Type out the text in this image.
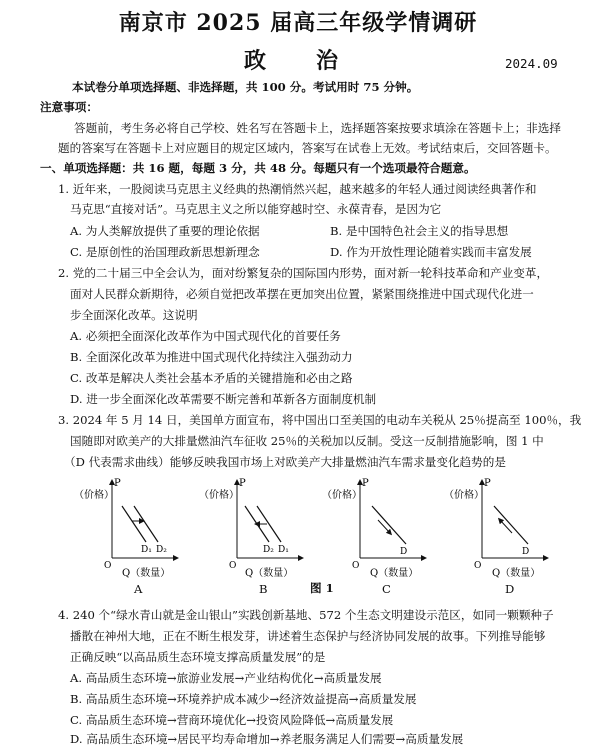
南京市 2025 届高三年级学情调研
政　治	2024.09
本试卷分单项选择题、非选择题，共 100 分。考试用时 75 分钟。
注意事项：
答题前，考生务必将自己学校、姓名写在答题卡上，选择题答案按要求填涂在答题卡上；非选择
题的答案写在答题卡上对应题目的规定区域内，答案写在试卷上无效。考试结束后，交回答题卡。
一、单项选择题：共 16 题，每题 3 分，共 48 分。每题只有一个选项最符合题意。
1. 近年来，一股阅读马克思主义经典的热潮悄然兴起，越来越多的年轻人通过阅读经典著作和
马克思“直接对话”。马克思主义之所以能穿越时空、永葆青春，是因为它
A. 为人类解放提供了重要的理论依据	B. 是中国特色社会主义的指导思想
C. 是原创性的治国理政新思想新理念	D. 作为开放性理论随着实践而丰富发展
2. 党的二十届三中全会认为，面对纷繁复杂的国际国内形势，面对新一轮科技革命和产业变革，
面对人民群众新期待，必须自觉把改革摆在更加突出位置，紧紧围绕推进中国式现代化进一
步全面深化改革。这说明
A. 必须把全面深化改革作为中国式现代化的首要任务
B. 全面深化改革为推进中国式现代化持续注入强劲动力
C. 改革是解决人类社会基本矛盾的关键措施和必由之路
D. 进一步全面深化改革需要不断完善和革新各方面制度机制
3. 2024 年 5 月 14 日，美国单方面宣布，将中国出口至美国的电动车关税从 25％提高至 100％，我
国随即对欧美产的大排量燃油汽车征收 25％的关税加以反制。受这一反制措施影响，图 1 中
（D 代表需求曲线）能够反映我国市场上对欧美产大排量燃油汽车需求量变化趋势的是
P
（价格）
O
D₁ D₂
P
（价格）
O
D₂ D₁
P
（价格）
O
D
P
（价格）
O
D
Q（数量）	Q（数量）	Q（数量）	Q（数量）
图 1
A	B	C	D
4. 240 个“绿水青山就是金山银山”实践创新基地、572 个生态文明建设示范区，如同一颗颗种子
播散在神州大地，正在不断生根发芽，讲述着生态保护与经济协同发展的故事。下列推导能够
正确反映“以高品质生态环境支撑高质量发展”的是
A. 高品质生态环境→旅游业发展→产业结构优化→高质量发展
B. 高品质生态环境→环境养护成本减少→经济效益提高→高质量发展
C. 高品质生态环境→营商环境优化→投资风险降低→高质量发展
D. 高品质生态环境→居民平均寿命增加→养老服务满足人们需要→高质量发展
